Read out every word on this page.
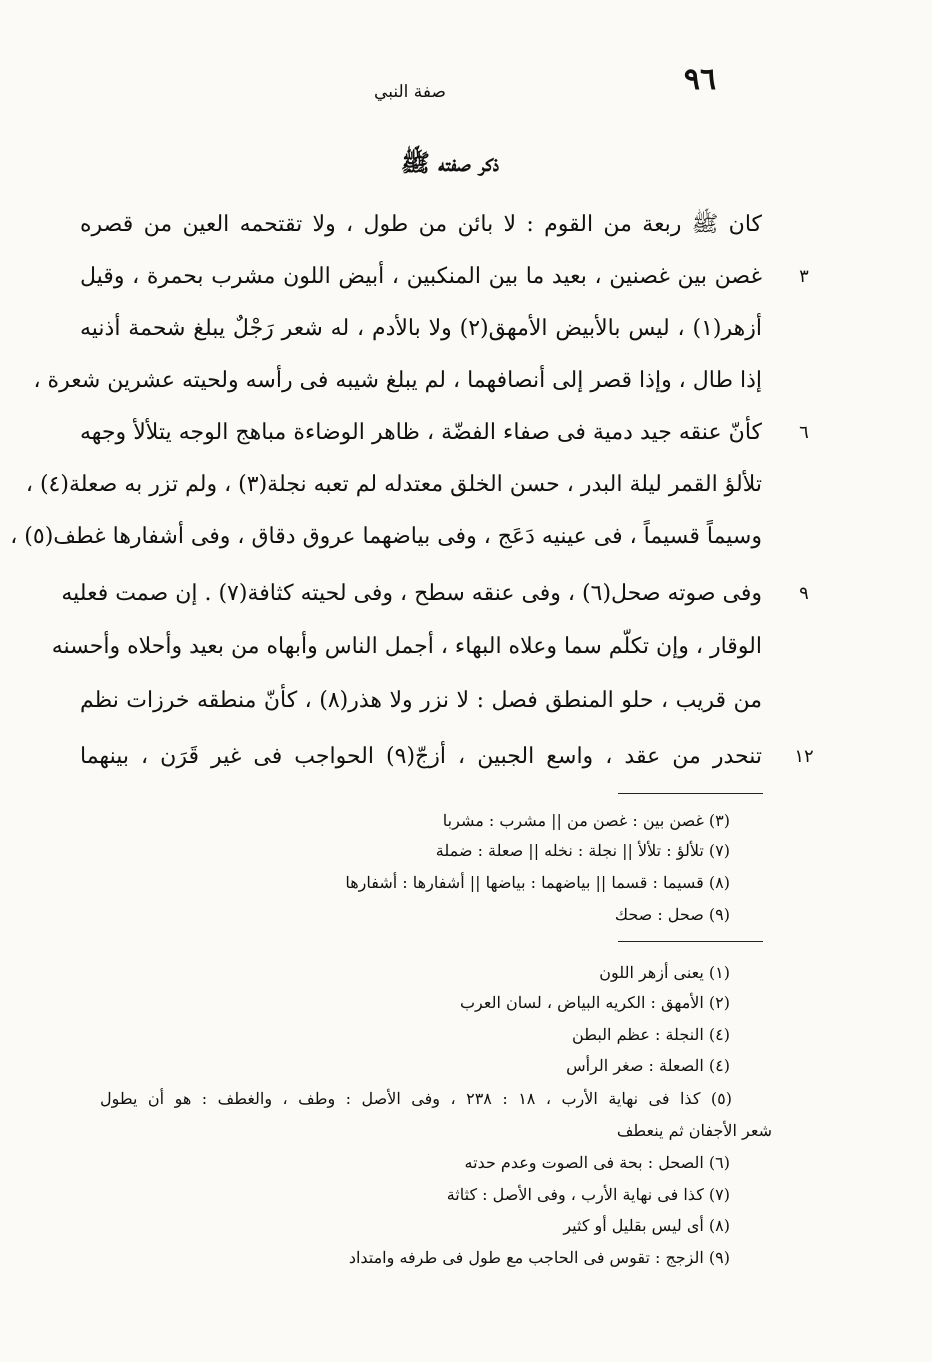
٩٦
صفة النبي
ذكر صفته ﷺ
كان ﷺ ربعة من القوم : لا بائن من طول ، ولا تقتحمه العين من قصره
غصن بين غصنين ، بعيد ما بين المنكبين ، أبيض اللون مشرب بحمرة ، وقيل	٣
أزهر(١) ، ليس بالأبيض الأمهق(٢) ولا بالأدم ، له شعر رَجْلٌ يبلغ شحمة أذنيه
إذا طال ، وإذا قصر إلى أنصافهما ، لم يبلغ شيبه فى رأسه ولحيته عشرين شعرة ،
كأنّ عنقه جيد دمية فى صفاء الفضّة ، ظاهر الوضاءة مباهج الوجه يتلألأ وجهه	٦
تلألؤ القمر ليلة البدر ، حسن الخلق معتدله لم تعبه نجلة(٣) ، ولم تزر به صعلة(٤) ،
وسيماً قسيماً ، فى عينيه دَعَج ، وفى بياضهما عروق دقاق ، وفى أشفارها غطف(٥) ،
وفى صوته صحل(٦) ، وفى عنقه سطح ، وفى لحيته كثافة(٧) . إن صمت فعليه	٩
الوقار ، وإن تكلّم سما وعلاه البهاء ، أجمل الناس وأبهاه من بعيد وأحلاه وأحسنه
من قريب ، حلو المنطق فصل : لا نزر ولا هذر(٨) ، كأنّ منطقه خرزات نظم
تنحدر من عقد ، واسع الجبين ، أزجّ(٩) الحواجب فى غير قَرَن ، بينهما	١٢
(٣) غصن بين : غصن من || مشرب : مشربا
(٧) تلألؤ : تلألأ || نجلة : نخله || صعلة : ضملة
(٨) قسيما : قسما || بياضهما : بياضها || أشفارها : أشفارها
(٩) صحل : صحك
(١) يعنى أزهر اللون
(٢) الأمهق : الكريه البياض ، لسان العرب
(٤) النجلة : عظم البطن
(٤) الصعلة : صغر الرأس
(٥) كذا فى نهاية الأرب ، ١٨ : ٢٣٨ ، وفى الأصل : وطف ، والغطف : هو أن يطول
شعر الأجفان ثم ينعطف
(٦) الصحل : بحة فى الصوت وعدم حدته
(٧) كذا فى نهاية الأرب ، وفى الأصل : كثاثة
(٨) أى ليس بقليل أو كثير
(٩) الزجج : تقوس فى الحاجب مع طول فى طرفه وامتداد
